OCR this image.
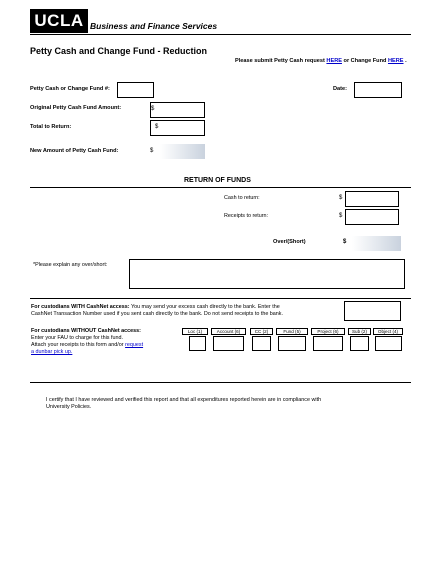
UCLA Business and Finance Services
Petty Cash and Change Fund - Reduction
Please submit Petty Cash request HERE or Change Fund HERE .
Petty Cash or Change Fund #:	Date:
Original Petty Cash Fund Amount:	$
Total to Return:	$
New Amount of Petty Cash Fund:	$
RETURN OF FUNDS
Cash to return:	$
Receipts to return:	$
Over/(Short)	$
*Please explain any over/short:
For custodians WITH CashNet access: You may send your excess cash directly to the bank. Enter the
CashNet Transaction Number used if you sent cash directly to the bank. Do not send receipts to the bank.
For custodians WITHOUT CashNet access:
Enter your FAU to charge for this fund.
Attach your receipts to this form and/or request
a dunbar pick up.
Loc (1)	Account (6)	CC (2)	Fund (5)	Project (6)	Sub (2)	Object (4)
I certify that I have reviewed and verified this report and that all expenditures reported herein are in compliance with
University Policies.
